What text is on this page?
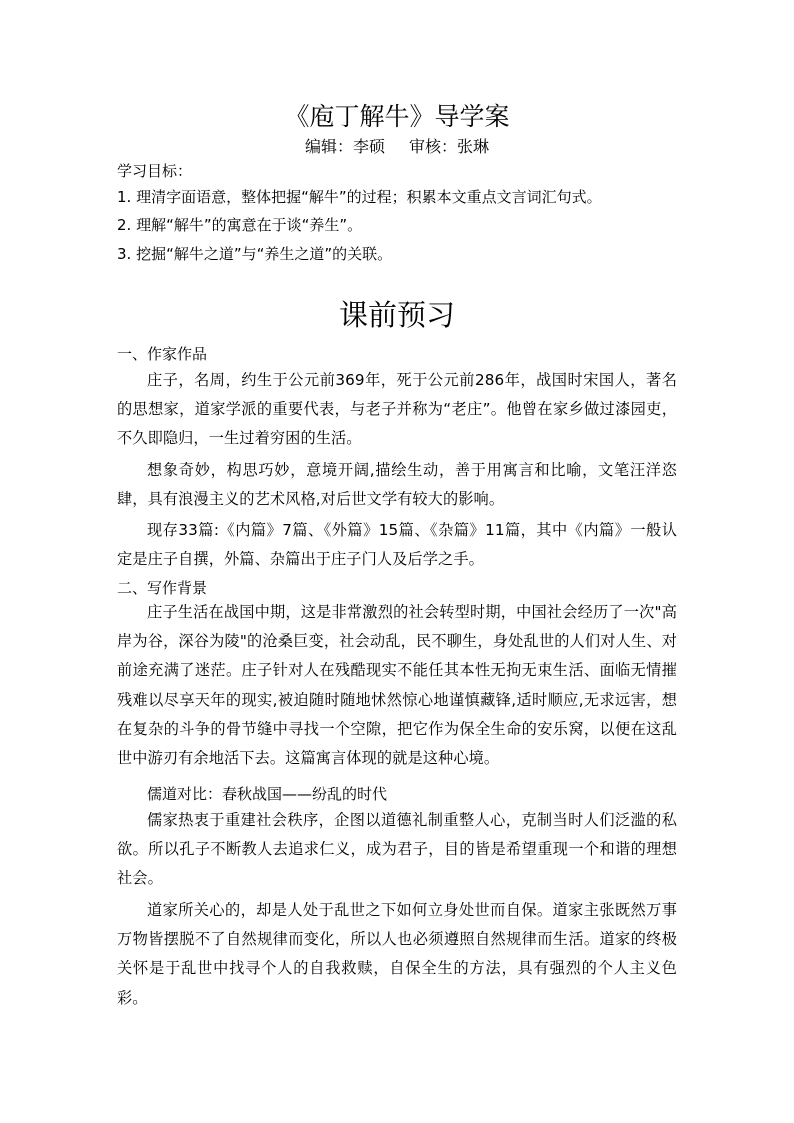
《庖丁解牛》导学案
编辑：李硕 审核：张琳
学习目标：
1. 理清字面语意，整体把握“解牛”的过程；积累本文重点文言词汇句式。
2. 理解“解牛”的寓意在于谈“养生”。
3. 挖掘“解牛之道”与“养生之道”的关联。
课前预习
一、作家作品
庄子，名周，约生于公元前369年，死于公元前286年，战国时宋国人，著名的思想家，道家学派的重要代表，与老子并称为“老庄”。他曾在家乡做过漆园吏，不久即隐归，一生过着穷困的生活。
想象奇妙，构思巧妙，意境开阔,描绘生动，善于用寓言和比喻，文笔汪洋恣肆，具有浪漫主义的艺术风格,对后世文学有较大的影响。
现存33篇:《内篇》7篇、《外篇》15篇、《杂篇》11篇，其中《内篇》一般认定是庄子自撰，外篇、杂篇出于庄子门人及后学之手。
二、写作背景
庄子生活在战国中期，这是非常激烈的社会转型时期，中国社会经历了一次"高岸为谷，深谷为陵"的沧桑巨变，社会动乱，民不聊生，身处乱世的人们对人生、对前途充满了迷茫。庄子针对人在残酷现实不能任其本性无拘无束生活、面临无情摧残难以尽享天年的现实,被迫随时随地怵然惊心地谨慎藏锋,适时顺应,无求远害，想在复杂的斗争的骨节缝中寻找一个空隙，把它作为保全生命的安乐窝，以便在这乱世中游刃有余地活下去。这篇寓言体现的就是这种心境。
儒道对比：春秋战国——纷乱的时代
儒家热衷于重建社会秩序，企图以道德礼制重整人心，克制当时人们泛滥的私欲。所以孔子不断教人去追求仁义，成为君子，目的皆是希望重现一个和谐的理想社会。
道家所关心的，却是人处于乱世之下如何立身处世而自保。道家主张既然万事万物皆摆脱不了自然规律而变化，所以人也必须遵照自然规律而生活。道家的终极关怀是于乱世中找寻个人的自我救赎，自保全生的方法，具有强烈的个人主义色彩。
